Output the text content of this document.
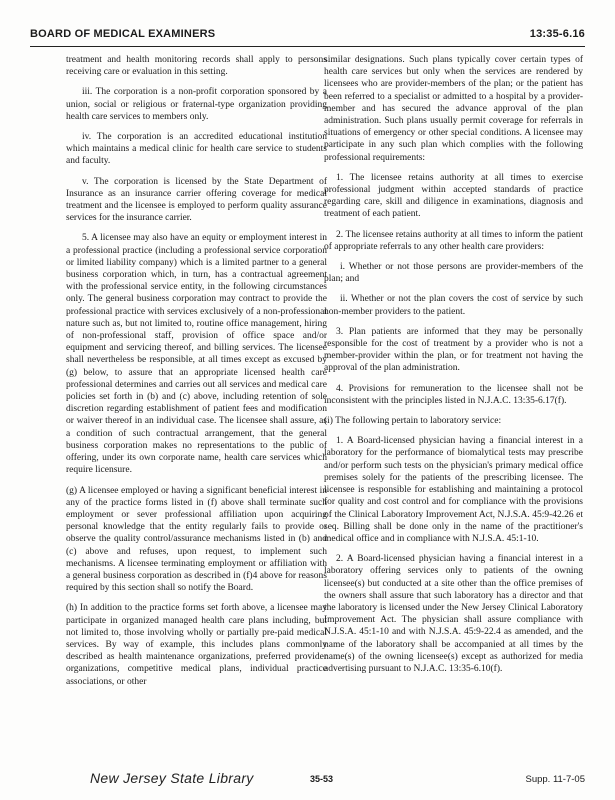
BOARD OF MEDICAL EXAMINERS	13:35-6.16

treatment and health monitoring records shall apply to persons receiving care or evaluation in this setting.

iii. The corporation is a non-profit corporation sponsored by a union, social or religious or fraternal-type organization providing health care services to members only.

iv. The corporation is an accredited educational institution which maintains a medical clinic for health care service to students and faculty.

v. The corporation is licensed by the State Department of Insurance as an insurance carrier offering coverage for medical treatment and the licensee is employed to perform quality assurance services for the insurance carrier.

5. A licensee may also have an equity or employment interest in a professional practice (including a professional service corporation or limited liability company) which is a limited partner to a general business corporation which, in turn, has a contractual agreement with the professional service entity, in the following circumstances only. The general business corporation may contract to provide the professional practice with services exclusively of a non-professional nature such as, but not limited to, routine office management, hiring of non-professional staff, provision of office space and/or equipment and servicing thereof, and billing services. The licensee shall nevertheless be responsible, at all times except as excused by (g) below, to assure that an appropriate licensed health care professional determines and carries out all services and medical care policies set forth in (b) and (c) above, including retention of sole discretion regarding establishment of patient fees and modification or waiver thereof in an individual case. The licensee shall assure, as a condition of such contractual arrangement, that the general business corporation makes no representations to the public of offering, under its own corporate name, health care services which require licensure.

(g) A licensee employed or having a significant beneficial interest in any of the practice forms listed in (f) above shall terminate such employment or sever professional affiliation upon acquiring personal knowledge that the entity regularly fails to provide or observe the quality control/assurance mechanisms listed in (b) and (c) above and refuses, upon request, to implement such mechanisms. A licensee terminating employment or affiliation with a general business corporation as described in (f)4 above for reasons required by this section shall so notify the Board.

(h) In addition to the practice forms set forth above, a licensee may participate in organized managed health care plans including, but not limited to, those involving wholly or partially pre-paid medical services. By way of example, this includes plans commonly described as health maintenance organizations, preferred provider organizations, competitive medical plans, individual practice associations, or other

similar designations. Such plans typically cover certain types of health care services but only when the services are rendered by licensees who are provider-members of the plan; or the patient has been referred to a specialist or admitted to a hospital by a provider-member and has secured the advance approval of the plan administration. Such plans usually permit coverage for referrals in situations of emergency or other special conditions. A licensee may participate in any such plan which complies with the following professional requirements:

1. The licensee retains authority at all times to exercise professional judgment within accepted standards of practice regarding care, skill and diligence in examinations, diagnosis and treatment of each patient.

2. The licensee retains authority at all times to inform the patient of appropriate referrals to any other health care providers:

i. Whether or not those persons are provider-members of the plan; and

ii. Whether or not the plan covers the cost of service by such non-member providers to the patient.

3. Plan patients are informed that they may be personally responsible for the cost of treatment by a provider who is not a member-provider within the plan, or for treatment not having the approval of the plan administration.

4. Provisions for remuneration to the licensee shall not be inconsistent with the principles listed in N.J.A.C. 13:35-6.17(f).

(i) The following pertain to laboratory service:

1. A Board-licensed physician having a financial interest in a laboratory for the performance of biomalytical tests may prescribe and/or perform such tests on the physician's primary medical office premises solely for the patients of the prescribing licensee. The licensee is responsible for establishing and maintaining a protocol for quality and cost control and for compliance with the provisions of the Clinical Laboratory Improvement Act, N.J.S.A. 45:9-42.26 et seq. Billing shall be done only in the name of the practitioner's medical office and in compliance with N.J.S.A. 45:1-10.

2. A Board-licensed physician having a financial interest in a laboratory offering services only to patients of the owning licensee(s) but conducted at a site other than the office premises of the owners shall assure that such laboratory has a director and that the laboratory is licensed under the New Jersey Clinical Laboratory Improvement Act. The physician shall assure compliance with N.J.S.A. 45:1-10 and with N.J.S.A. 45:9-22.4 as amended, and the name of the laboratory shall be accompanied at all times by the name(s) of the owning licensee(s) except as authorized for media advertising pursuant to N.J.A.C. 13:35-6.10(f).

New Jersey State Library	35-53	Supp. 11-7-05
